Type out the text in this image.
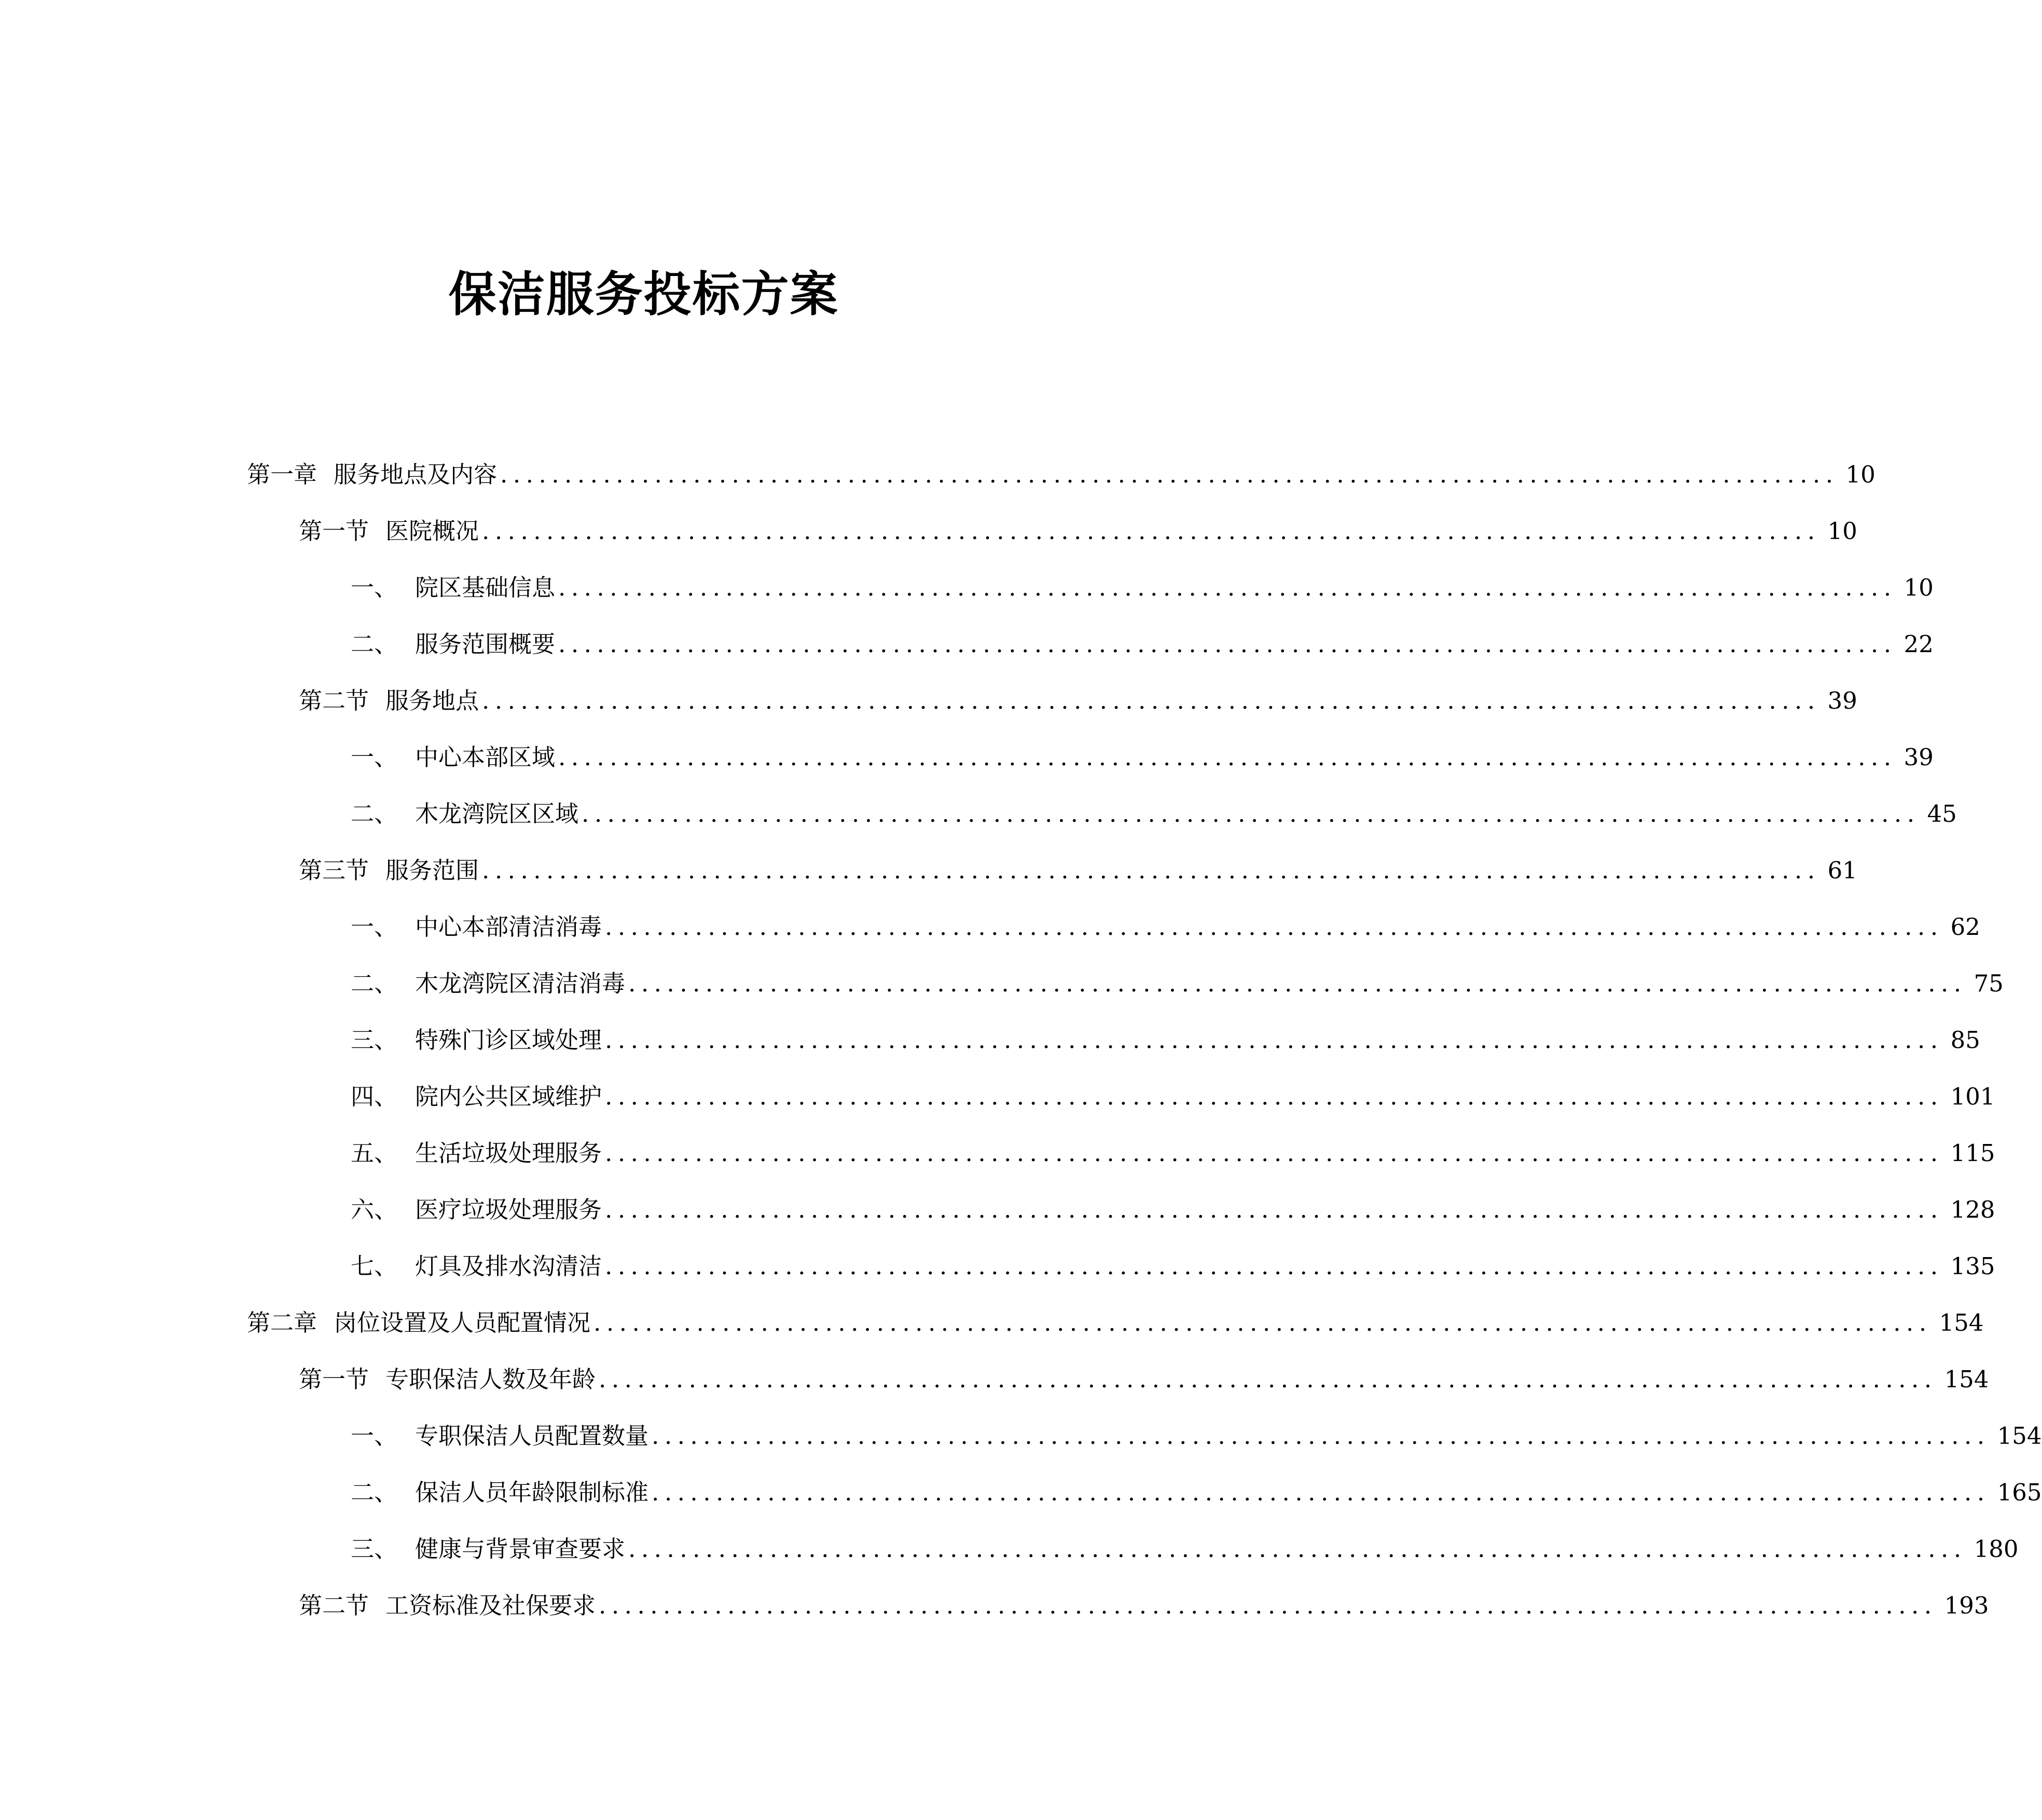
保洁服务投标方案
第一章 服务地点及内容 ........................................................................................................ 10
第一节 医院概况 ........................................................................................................ 10
一、 院区基础信息 ........................................................................................................ 10
二、 服务范围概要 ........................................................................................................ 22
第二节 服务地点 ........................................................................................................ 39
一、 中心本部区域 ........................................................................................................ 39
二、 木龙湾院区区域 ........................................................................................................ 45
第三节 服务范围 ........................................................................................................ 61
一、 中心本部清洁消毒 ........................................................................................................ 62
二、 木龙湾院区清洁消毒 ........................................................................................................ 75
三、 特殊门诊区域处理 ........................................................................................................ 85
四、 院内公共区域维护 ........................................................................................................ 101
五、 生活垃圾处理服务 ........................................................................................................ 115
六、 医疗垃圾处理服务 ........................................................................................................ 128
七、 灯具及排水沟清洁 ........................................................................................................ 135
第二章 岗位设置及人员配置情况 ........................................................................................................ 154
第一节 专职保洁人数及年龄 ........................................................................................................ 154
一、 专职保洁人员配置数量 ........................................................................................................ 154
二、 保洁人员年龄限制标准 ........................................................................................................ 165
三、 健康与背景审查要求 ........................................................................................................ 180
第二节 工资标准及社保要求 ........................................................................................................ 193
